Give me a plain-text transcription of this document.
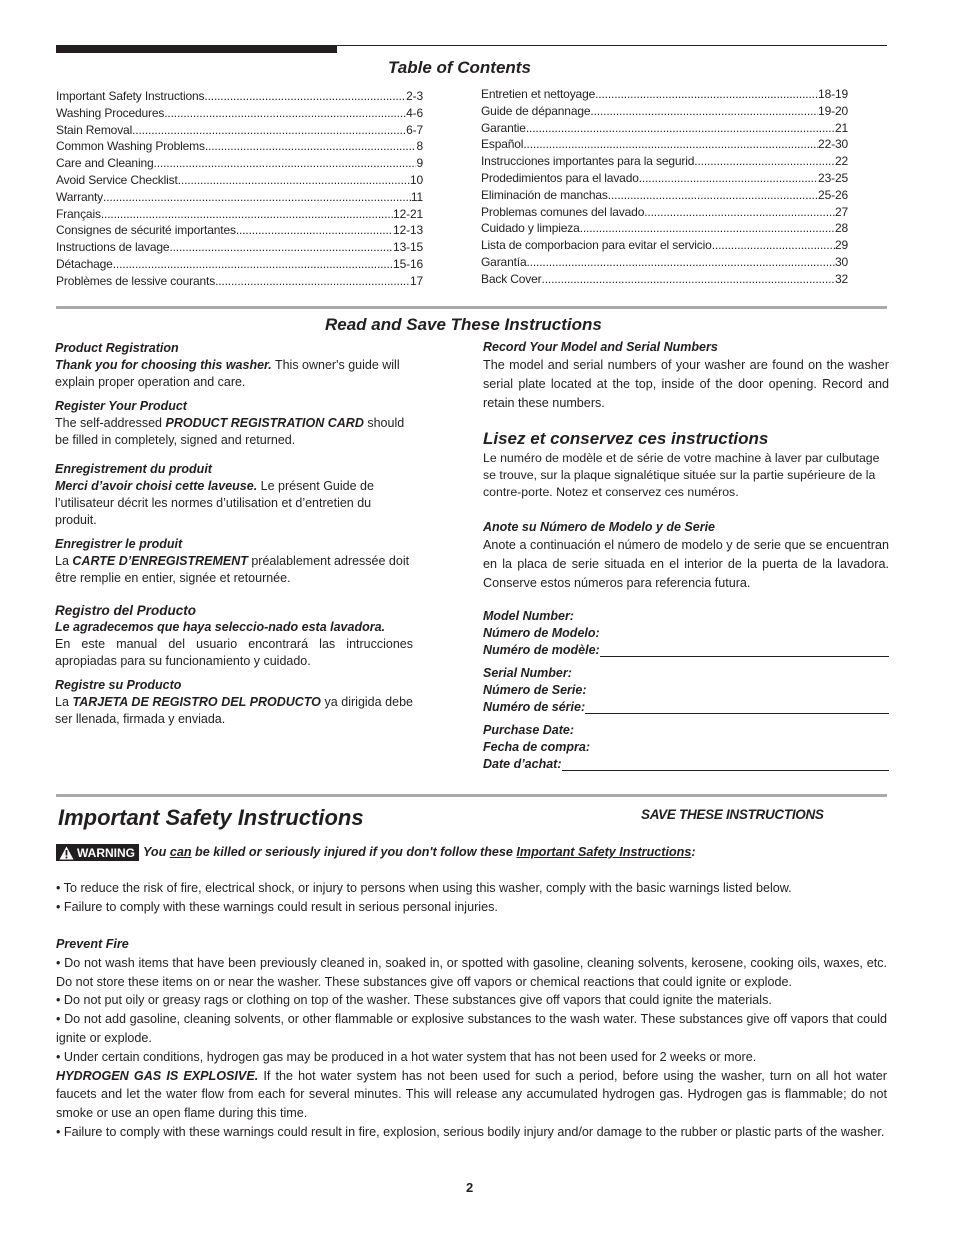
Table of Contents
Important Safety Instructions .....	2-3
Washing Procedures .....	4-6
Stain Removal .....	6-7
Common Washing Problems .....	8
Care and Cleaning .....	9
Avoid Service Checklist .....	10
Warranty .....	11
Français .....	12-21
Consignes de sécurité importantes .....	12-13
Instructions de lavage .....	13-15
Détachage .....	15-16
Problèmes de lessive courants .....	17
Entretien et nettoyage .....	18-19
Guide de dépannage .....	19-20
Garantie .....	21
Español .....	22-30
Instrucciones importantes para la segurid .....	22
Prodedimientos para el lavado .....	23-25
Eliminación de manchas .....	25-26
Problemas comunes del lavado .....	27
Cuidado y limpieza .....	28
Lista de comporbacion para evitar el servicio .....	29
Garantía .....	30
Back Cover .....	32
Read and Save These Instructions
Product Registration

Thank you for choosing this washer. This owner's guide will explain proper operation and care.

Register Your Product

The self-addressed PRODUCT REGISTRATION CARD should be filled in completely, signed and returned.

Enregistrement du produit

Merci d’avoir choisi cette laveuse. Le présent Guide de l’utilisateur décrit les normes d’utilisation et d’entretien du produit.

Enregistrer le produit

La CARTE D’ENREGISTREMENT préalablement adressée doit être remplie en entier, signée et retournée.

Registro del Producto

Le agradecemos que haya seleccio-nado esta lavadora.

En este manual del usuario encontrará las intrucciones apropiadas para su funcionamiento y cuidado.

Registre su Producto

La TARJETA DE REGISTRO DEL PRODUCTO ya dirigida debe ser llenada, firmada y enviada.

Record Your Model and Serial Numbers

The model and serial numbers of your washer are found on the washer serial plate located at the top, inside of the door opening. Record and retain these numbers.

Lisez et conservez ces instructions

Le numéro de modèle et de série de votre machine à laver par culbutage se trouve, sur la plaque signalétique située sur la partie supérieure de la contre-porte. Notez et conservez ces numéros.

Anote su Número de Modelo y de Serie

Anote a continuación el número de modelo y de serie que se encuentran en la placa de serie situada en el interior de la puerta de la lavadora. Conserve estos números para referencia futura.

Model Number:
Número de Modelo:
Numéro de modèle:
Serial Number:
Número de Serie:
Numéro de série:
Purchase Date:
Fecha de compra:
Date d’achat:
Important Safety Instructions	SAVE THESE INSTRUCTIONS
WARNING You can be killed or seriously injured if you don't follow these Important Safety Instructions:

• To reduce the risk of fire, electrical shock, or injury to persons when using this washer, comply with the basic warnings listed below.

• Failure to comply with these warnings could result in serious personal injuries.

Prevent Fire

• Do not wash items that have been previously cleaned in, soaked in, or spotted with gasoline, cleaning solvents, kerosene, cooking oils, waxes, etc. Do not store these items on or near the washer. These substances give off vapors or chemical reactions that could ignite or explode.

• Do not put oily or greasy rags or clothing on top of the washer. These substances give off vapors that could ignite the materials.

• Do not add gasoline, cleaning solvents, or other flammable or explosive substances to the wash water. These substances give off vapors that could ignite or explode.

• Under certain conditions, hydrogen gas may be produced in a hot water system that has not been used for 2 weeks or more.

HYDROGEN GAS IS EXPLOSIVE. If the hot water system has not been used for such a period, before using the washer, turn on all hot water faucets and let the water flow from each for several minutes. This will release any accumulated hydrogen gas. Hydrogen gas is flammable; do not smoke or use an open flame during this time.

• Failure to comply with these warnings could result in fire, explosion, serious bodily injury and/or damage to the rubber or plastic parts of the washer.

2
